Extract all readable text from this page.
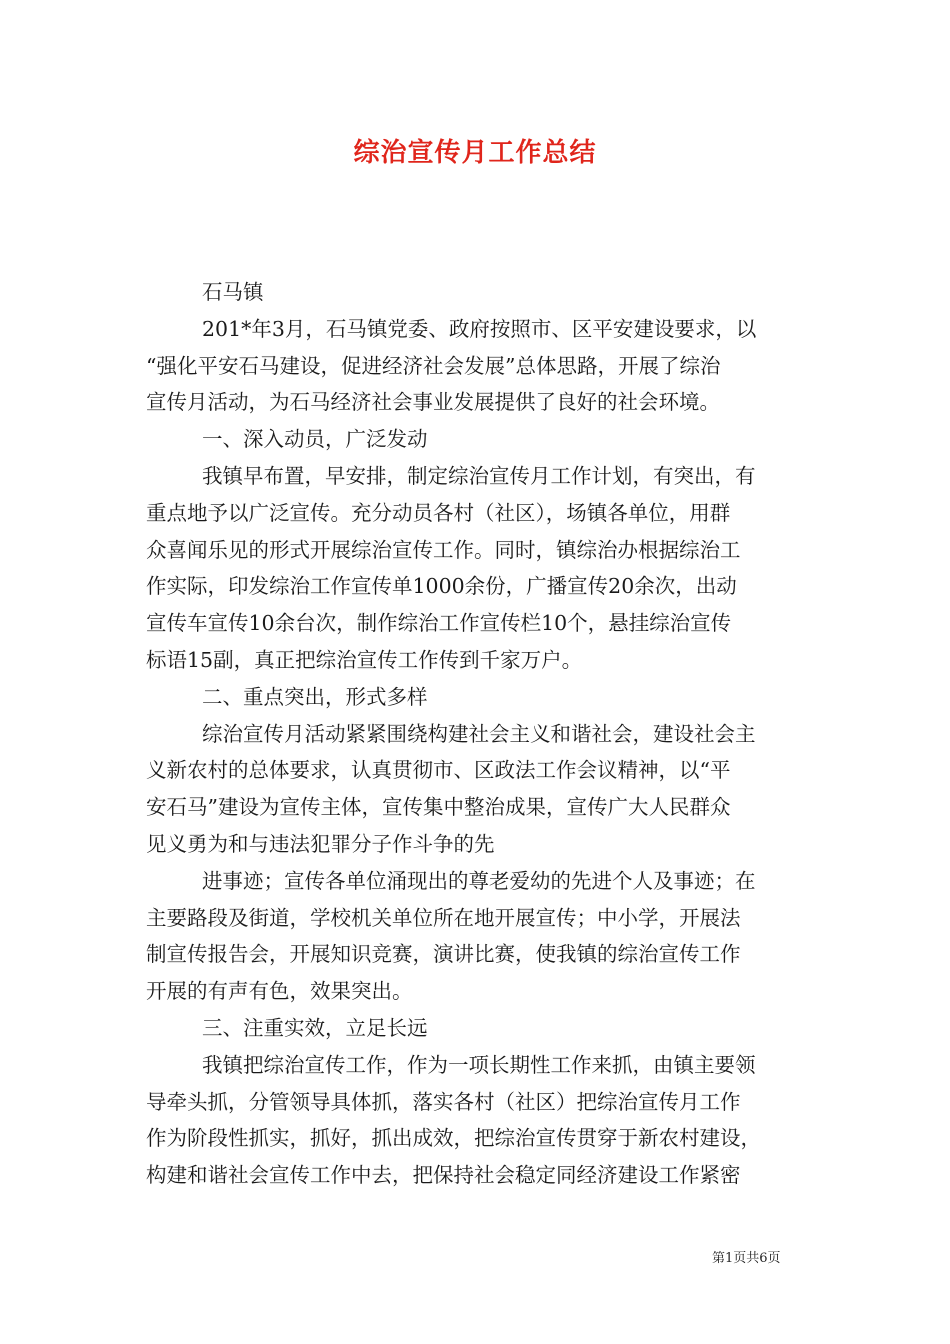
综治宣传月工作总结
石马镇
201*年3月，石马镇党委、政府按照市、区平安建设要求，以
“强化平安石马建设，促进经济社会发展”总体思路，开展了综治
宣传月活动，为石马经济社会事业发展提供了良好的社会环境。
一、深入动员，广泛发动
我镇早布置，早安排，制定综治宣传月工作计划，有突出，有
重点地予以广泛宣传。充分动员各村（社区），场镇各单位，用群
众喜闻乐见的形式开展综治宣传工作。同时，镇综治办根据综治工
作实际，印发综治工作宣传单1000余份，广播宣传20余次，出动
宣传车宣传10余台次，制作综治工作宣传栏10个，悬挂综治宣传
标语15副，真正把综治宣传工作传到千家万户。
二、重点突出，形式多样
综治宣传月活动紧紧围绕构建社会主义和谐社会，建设社会主
义新农村的总体要求，认真贯彻市、区政法工作会议精神，以“平
安石马”建设为宣传主体，宣传集中整治成果，宣传广大人民群众
见义勇为和与违法犯罪分子作斗争的先
进事迹；宣传各单位涌现出的尊老爱幼的先进个人及事迹；在
主要路段及街道，学校机关单位所在地开展宣传；中小学，开展法
制宣传报告会，开展知识竞赛，演讲比赛，使我镇的综治宣传工作
开展的有声有色，效果突出。
三、注重实效，立足长远
我镇把综治宣传工作，作为一项长期性工作来抓，由镇主要领
导牵头抓，分管领导具体抓，落实各村（社区）把综治宣传月工作
作为阶段性抓实，抓好，抓出成效，把综治宣传贯穿于新农村建设，
构建和谐社会宣传工作中去，把保持社会稳定同经济建设工作紧密
第1页共6页
